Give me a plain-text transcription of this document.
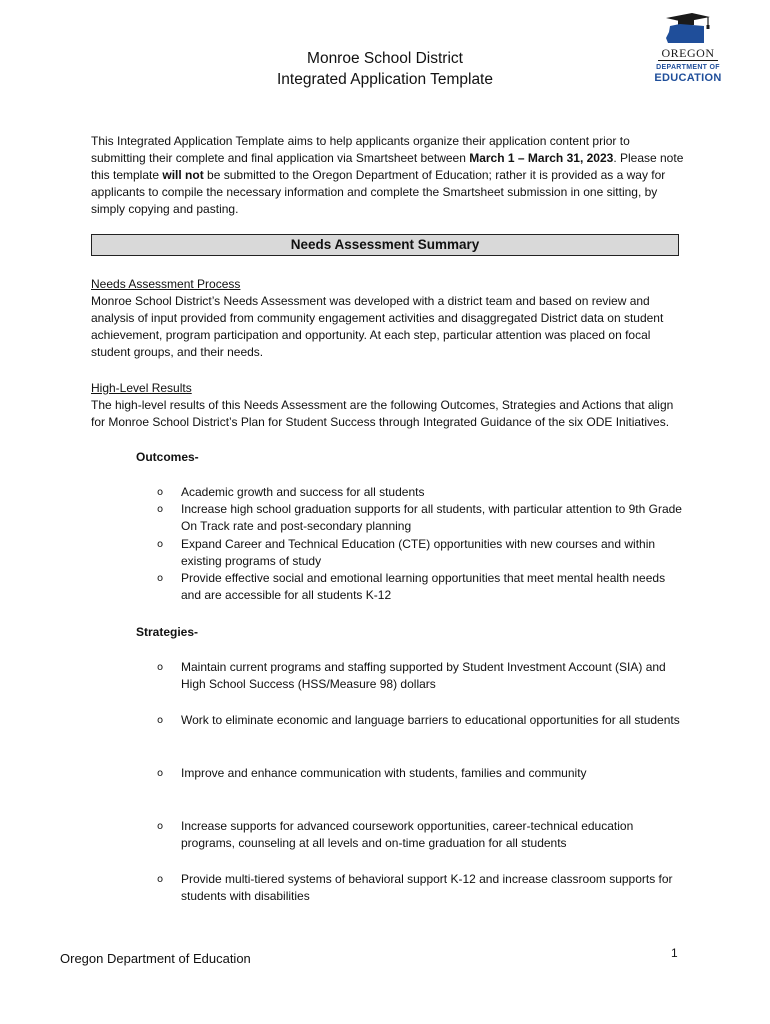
Monroe School District
Integrated Application Template
OREGON
DEPARTMENT OF
EDUCATION
This Integrated Application Template aims to help applicants organize their application content prior to submitting their complete and final application via Smartsheet between March 1 – March 31, 2023. Please note this template will not be submitted to the Oregon Department of Education; rather it is provided as a way for applicants to compile the necessary information and complete the Smartsheet submission in one sitting, by simply copying and pasting.
Needs Assessment Summary
Needs Assessment Process
Monroe School District’s Needs Assessment was developed with a district team and based on review and analysis of input provided from community engagement activities and disaggregated District data on student achievement, program participation and opportunity. At each step, particular attention was placed on focal student groups, and their needs.
High-Level Results
The high-level results of this Needs Assessment are the following Outcomes, Strategies and Actions that align for Monroe School District’s Plan for Student Success through Integrated Guidance of the six ODE Initiatives.
Outcomes-
o Academic growth and success for all students
o Increase high school graduation supports for all students, with particular attention to 9th Grade On Track rate and post-secondary planning
o Expand Career and Technical Education (CTE) opportunities with new courses and within existing programs of study
o Provide effective social and emotional learning opportunities that meet mental health needs and are accessible for all students K-12
Strategies-
o Maintain current programs and staffing supported by Student Investment Account (SIA) and High School Success (HSS/Measure 98) dollars
o Work to eliminate economic and language barriers to educational opportunities for all students
o Improve and enhance communication with students, families and community
o Increase supports for advanced coursework opportunities, career-technical education programs, counseling at all levels and on-time graduation for all students
o Provide multi-tiered systems of behavioral support K-12 and increase classroom supports for students with disabilities
Oregon Department of Education	1
